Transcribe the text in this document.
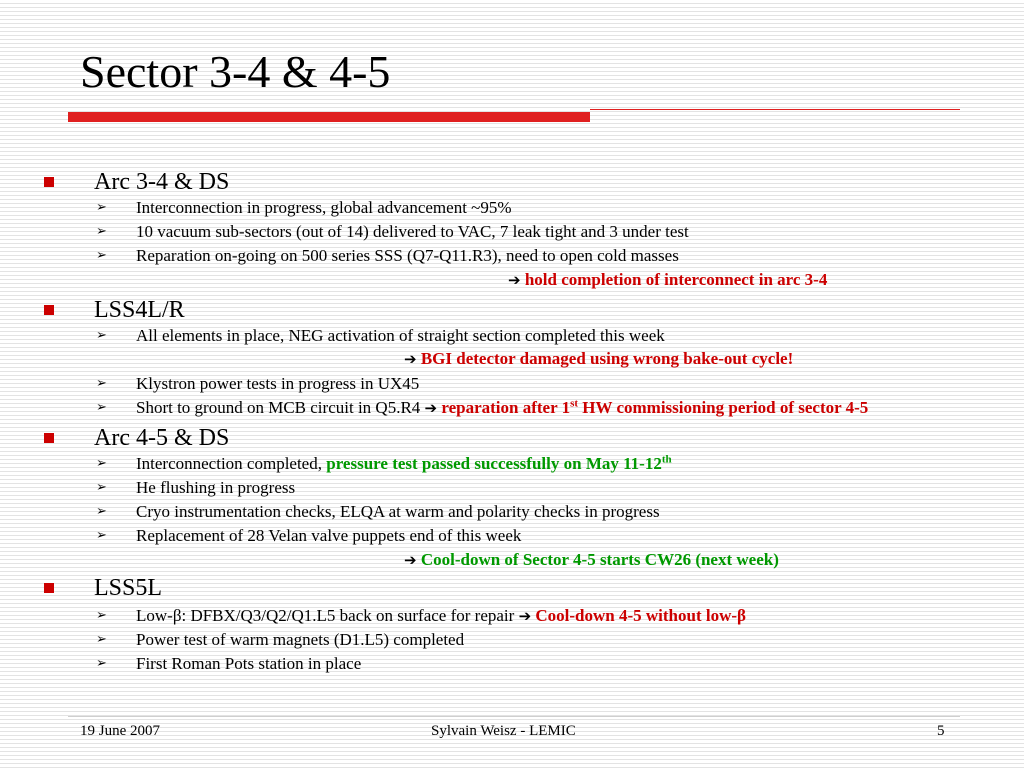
Sector 3-4 & 4-5
Arc 3-4 & DS
➢ Interconnection in progress, global advancement ~95%
➢ 10 vacuum sub-sectors (out of 14) delivered to VAC, 7 leak tight and 3 under test
➢ Reparation on-going on 500 series SSS (Q7-Q11.R3), need to open cold masses
➔ hold completion of interconnect in arc 3-4
LSS4L/R
➢ All elements in place, NEG activation of straight section completed this week
➔ BGI detector damaged using wrong bake-out cycle!
➢ Klystron power tests in progress in UX45
➢ Short to ground on MCB circuit in Q5.R4 ➔ reparation after 1st HW commissioning period of sector 4-5
Arc 4-5 & DS
➢ Interconnection completed, pressure test passed successfully on May 11-12th
➢ He flushing in progress
➢ Cryo instrumentation checks, ELQA at warm and polarity checks in progress
➢ Replacement of 28 Velan valve puppets end of this week
➔ Cool-down of Sector 4-5 starts CW26 (next week)
LSS5L
➢ Low-β: DFBX/Q3/Q2/Q1.L5 back on surface for repair ➔ Cool-down 4-5 without low-β
➢ Power test of warm magnets (D1.L5) completed
➢ First Roman Pots station in place
19 June 2007	Sylvain Weisz - LEMIC	5
